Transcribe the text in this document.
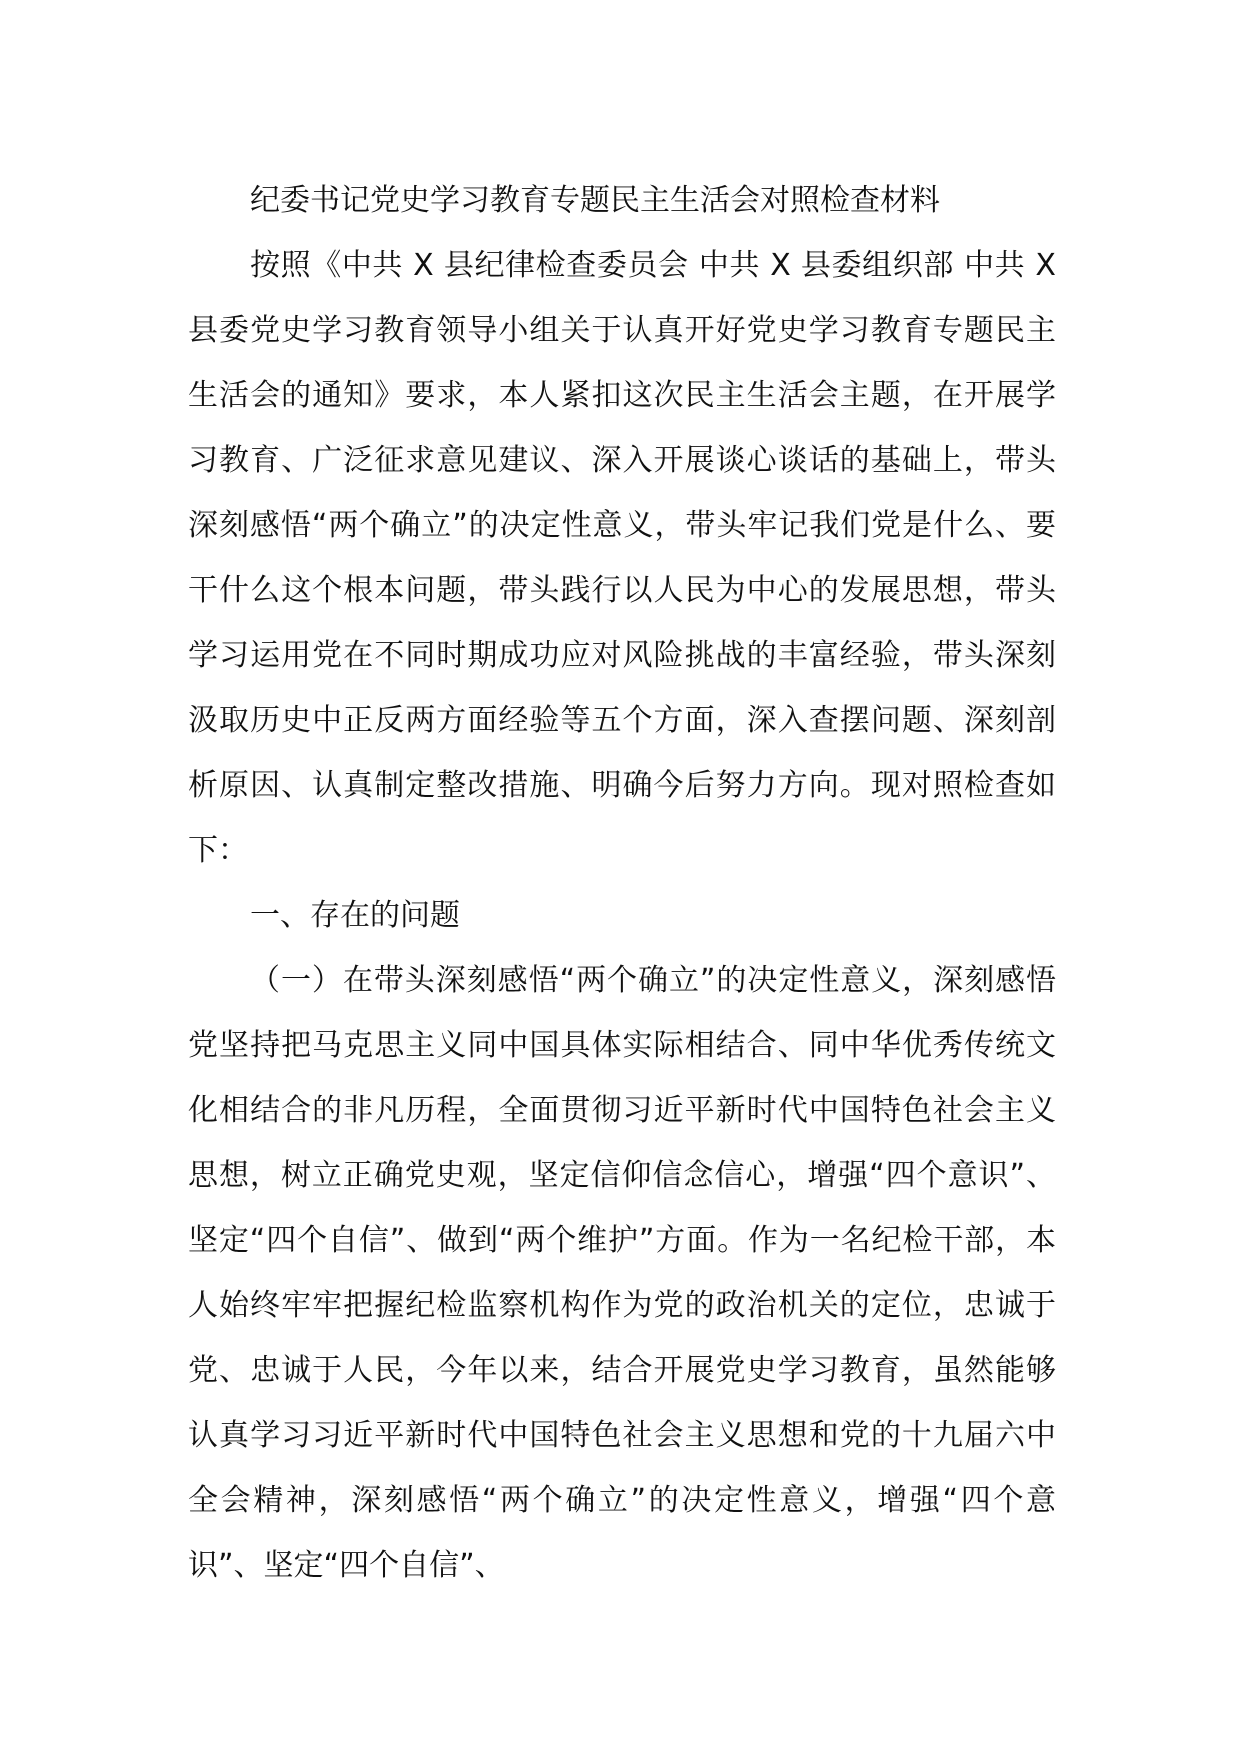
纪委书记党史学习教育专题民主生活会对照检查材料

按照《中共 X 县纪律检查委员会 中共 X 县委组织部 中共 X 县委党史学习教育领导小组关于认真开好党史学习教育专题民主生活会的通知》要求，本人紧扣这次民主生活会主题，在开展学习教育、广泛征求意见建议、深入开展谈心谈话的基础上，带头深刻感悟“两个确立”的决定性意义，带头牢记我们党是什么、要干什么这个根本问题，带头践行以人民为中心的发展思想，带头学习运用党在不同时期成功应对风险挑战的丰富经验，带头深刻汲取历史中正反两方面经验等五个方面，深入查摆问题、深刻剖析原因、认真制定整改措施、明确今后努力方向。现对照检查如下：

一、存在的问题

（一）在带头深刻感悟“两个确立”的决定性意义，深刻感悟党坚持把马克思主义同中国具体实际相结合、同中华优秀传统文化相结合的非凡历程，全面贯彻习近平新时代中国特色社会主义思想，树立正确党史观，坚定信仰信念信心，增强“四个意识”、坚定“四个自信”、做到“两个维护”方面。作为一名纪检干部，本人始终牢牢把握纪检监察机构作为党的政治机关的定位，忠诚于党、忠诚于人民，今年以来，结合开展党史学习教育，虽然能够认真学习习近平新时代中国特色社会主义思想和党的十九届六中全会精神，深刻感悟“两个确立”的决定性意义，增强“四个意识”、坚定“四个自信”、
